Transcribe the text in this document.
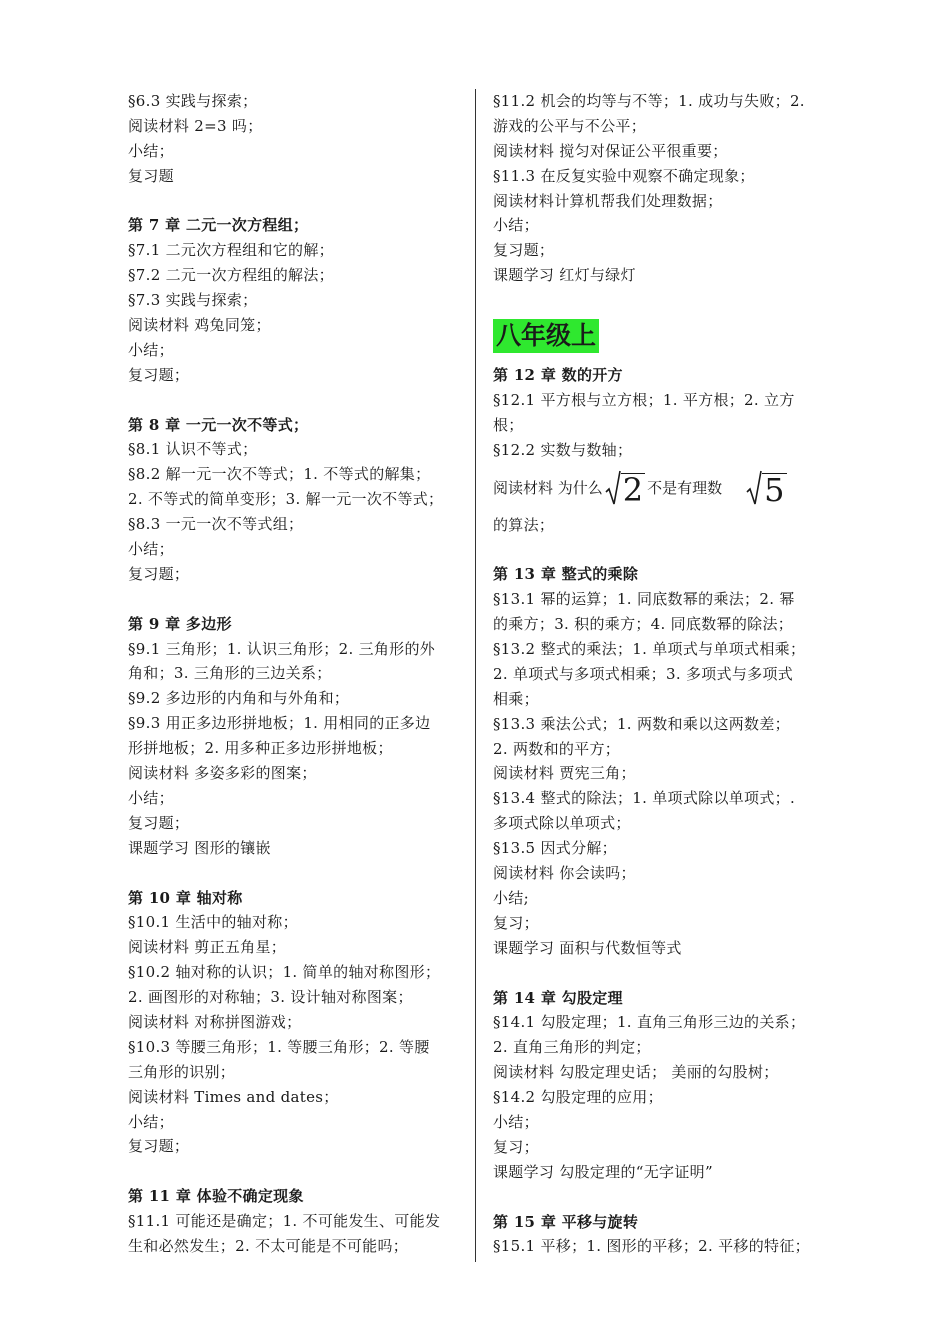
§6.3 实践与探索；
阅读材料 2=3 吗；
小结；
复习题
第 7 章 二元一次方程组；
§7.1 二元次方程组和它的解；
§7.2 二元一次方程组的解法；
§7.3 实践与探索；
阅读材料 鸡兔同笼；
小结；
复习题；
第 8 章 一元一次不等式；
§8.1 认识不等式；
§8.2 解一元一次不等式；1. 不等式的解集；
2. 不等式的简单变形；3. 解一元一次不等式；
§8.3 一元一次不等式组；
小结；
复习题；
第 9 章 多边形
§9.1 三角形；1. 认识三角形；2. 三角形的外
角和；3. 三角形的三边关系；
§9.2 多边形的内角和与外角和；
§9.3 用正多边形拼地板；1. 用相同的正多边
形拼地板；2. 用多种正多边形拼地板；
阅读材料 多姿多彩的图案；
小结；
复习题；
课题学习 图形的镶嵌
第 10 章 轴对称
§10.1 生活中的轴对称；
阅读材料 剪正五角星；
§10.2 轴对称的认识；1. 简单的轴对称图形；
2. 画图形的对称轴；3. 设计轴对称图案；
阅读材料 对称拼图游戏；
§10.3 等腰三角形；1. 等腰三角形；2. 等腰
三角形的识别；
阅读材料 Times and dates；
小结；
复习题；
第 11 章 体验不确定现象
§11.1 可能还是确定；1. 不可能发生、可能发
生和必然发生；2. 不太可能是不可能吗；
§11.2 机会的均等与不等；1. 成功与失败；2.
游戏的公平与不公平；
阅读材料 搅匀对保证公平很重要；
§11.3 在反复实验中观察不确定现象；
阅读材料计算机帮我们处理数据；
小结；
复习题；
课题学习 红灯与绿灯
八年级上
第 12 章 数的开方
§12.1 平方根与立方根；1. 平方根；2. 立方
根；
§12.2 实数与数轴；
阅读材料 为什么 2 不是有理数 5
的算法；
第 13 章 整式的乘除
§13.1 幂的运算；1. 同底数幂的乘法；2. 幂
的乘方；3. 积的乘方；4. 同底数幂的除法；
§13.2 整式的乘法；1. 单项式与单项式相乘；
2. 单项式与多项式相乘；3. 多项式与多项式
相乘；
§13.3 乘法公式；1. 两数和乘以这两数差；
2. 两数和的平方；
阅读材料 贾宪三角；
§13.4 整式的除法；1. 单项式除以单项式；.
多项式除以单项式；
§13.5 因式分解；
阅读材料 你会读吗；
小结;
复习；
课题学习 面积与代数恒等式
第 14 章 勾股定理
§14.1 勾股定理；1. 直角三角形三边的关系；
2. 直角三角形的判定；
阅读材料 勾股定理史话； 美丽的勾股树；
§14.2 勾股定理的应用；
小结；
复习；
课题学习 勾股定理的“无字证明”
第 15 章 平移与旋转
§15.1 平移；1. 图形的平移；2. 平移的特征；
